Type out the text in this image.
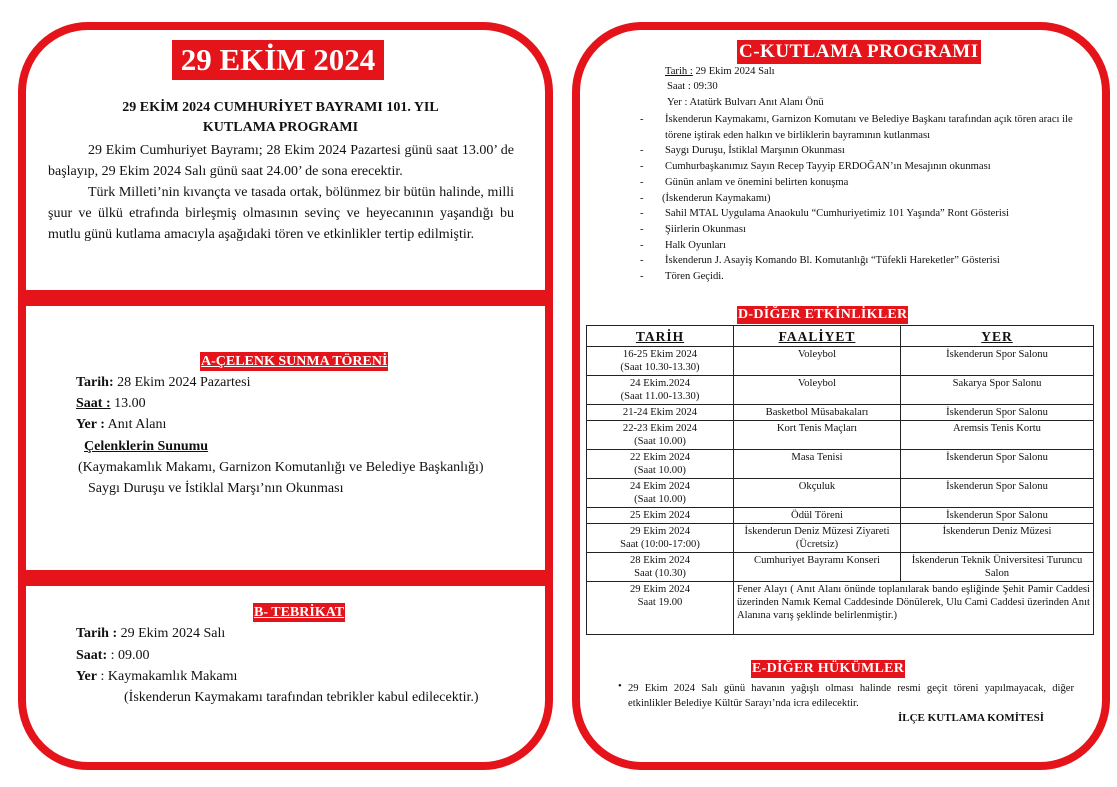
29 EKİM 2024
29 EKİM 2024 CUMHURİYET BAYRAMI 101. YIL
KUTLAMA PROGRAMI
29 Ekim Cumhuriyet Bayramı; 28 Ekim 2024 Pazartesi günü saat 13.00’ de başlayıp, 29 Ekim 2024 Salı günü saat 24.00’ de sona erecektir.
Türk Milleti’nin kıvançta ve tasada ortak, bölünmez bir bütün halinde, milli şuur ve ülkü etrafında birleşmiş olmasının sevinç ve heyecanının yaşandığı bu mutlu günü kutlama amacıyla aşağıdaki tören ve etkinlikler tertip edilmiştir.
A-ÇELENK SUNMA TÖRENİ
Tarih: 28 Ekim 2024 Pazartesi
Saat : 13.00
Yer : Anıt Alanı
Çelenklerin Sunumu
(Kaymakamlık Makamı, Garnizon Komutanlığı ve Belediye Başkanlığı)
Saygı Duruşu ve İstiklal Marşı’nın Okunması
B- TEBRİKAT
Tarih : 29 Ekim 2024 Salı
Saat: : 09.00
Yer : Kaymakamlık Makamı
(İskenderun Kaymakamı tarafından tebrikler kabul edilecektir.)
C-KUTLAMA PROGRAMI
Tarih : 29 Ekim 2024 Salı
Saat : 09:30
Yer : Atatürk Bulvarı Anıt Alanı Önü
- İskenderun Kaymakamı, Garnizon Komutanı ve Belediye Başkanı tarafından açık tören aracı ile törene iştirak eden halkın ve birliklerin bayramının kutlanması
- Saygı Duruşu, İstiklal Marşının Okunması
- Cumhurbaşkanımız Sayın Recep Tayyip ERDOĞAN’ın Mesajının okunması
- Günün anlam ve önemini belirten konuşma
- (İskenderun Kaymakamı)
- Sahil MTAL Uygulama Anaokulu “Cumhuriyetimiz 101 Yaşında” Ront Gösterisi
- Şiirlerin Okunması
- Halk Oyunları
- İskenderun J. Asayiş Komando Bl. Komutanlığı “Tüfekli Hareketler” Gösterisi
- Tören Geçidi.
D-DİĞER ETKİNLİKLER
TARİH	FAALİYET	YER

16-25 Ekim 2024
(Saat 10.30-13.30)	Voleybol	İskenderun Spor Salonu

24 Ekim.2024
(Saat 11.00-13.30)	Voleybol	Sakarya Spor Salonu

21-24 Ekim 2024	Basketbol Müsabakaları	İskenderun Spor Salonu

22-23 Ekim 2024
(Saat 10.00)	Kort Tenis Maçları	Aremsis Tenis Kortu

22 Ekim 2024
(Saat 10.00)	Masa Tenisi	İskenderun Spor Salonu

24 Ekim 2024
(Saat 10.00)	Okçuluk	İskenderun Spor Salonu

25 Ekim 2024	Ödül Töreni	İskenderun Spor Salonu

29 Ekim 2024
Saat (10:00-17:00)	İskenderun Deniz Müzesi Ziyareti (Ücretsiz)	İskenderun Deniz Müzesi

28 Ekim 2024
Saat (10.30)	Cumhuriyet Bayramı Konseri	İskenderun Teknik Üniversitesi Turuncu Salon

29 Ekim 2024
Saat 19.00	Fener Alayı ( Anıt Alanı önünde toplanılarak bando eşliğinde Şehit Pamir Caddesi üzerinden Namık Kemal Caddesinde Dönülerek, Ulu Cami Caddesi üzerinden Anıt Alanına varış şeklinde belirlenmiştir.)	
E-DİĞER HÜKÜMLER
• 29 Ekim 2024 Salı günü havanın yağışlı olması halinde resmi geçit töreni yapılmayacak, diğer etkinlikler Belediye Kültür Sarayı’nda icra edilecektir.
İLÇE KUTLAMA KOMİTESİ
